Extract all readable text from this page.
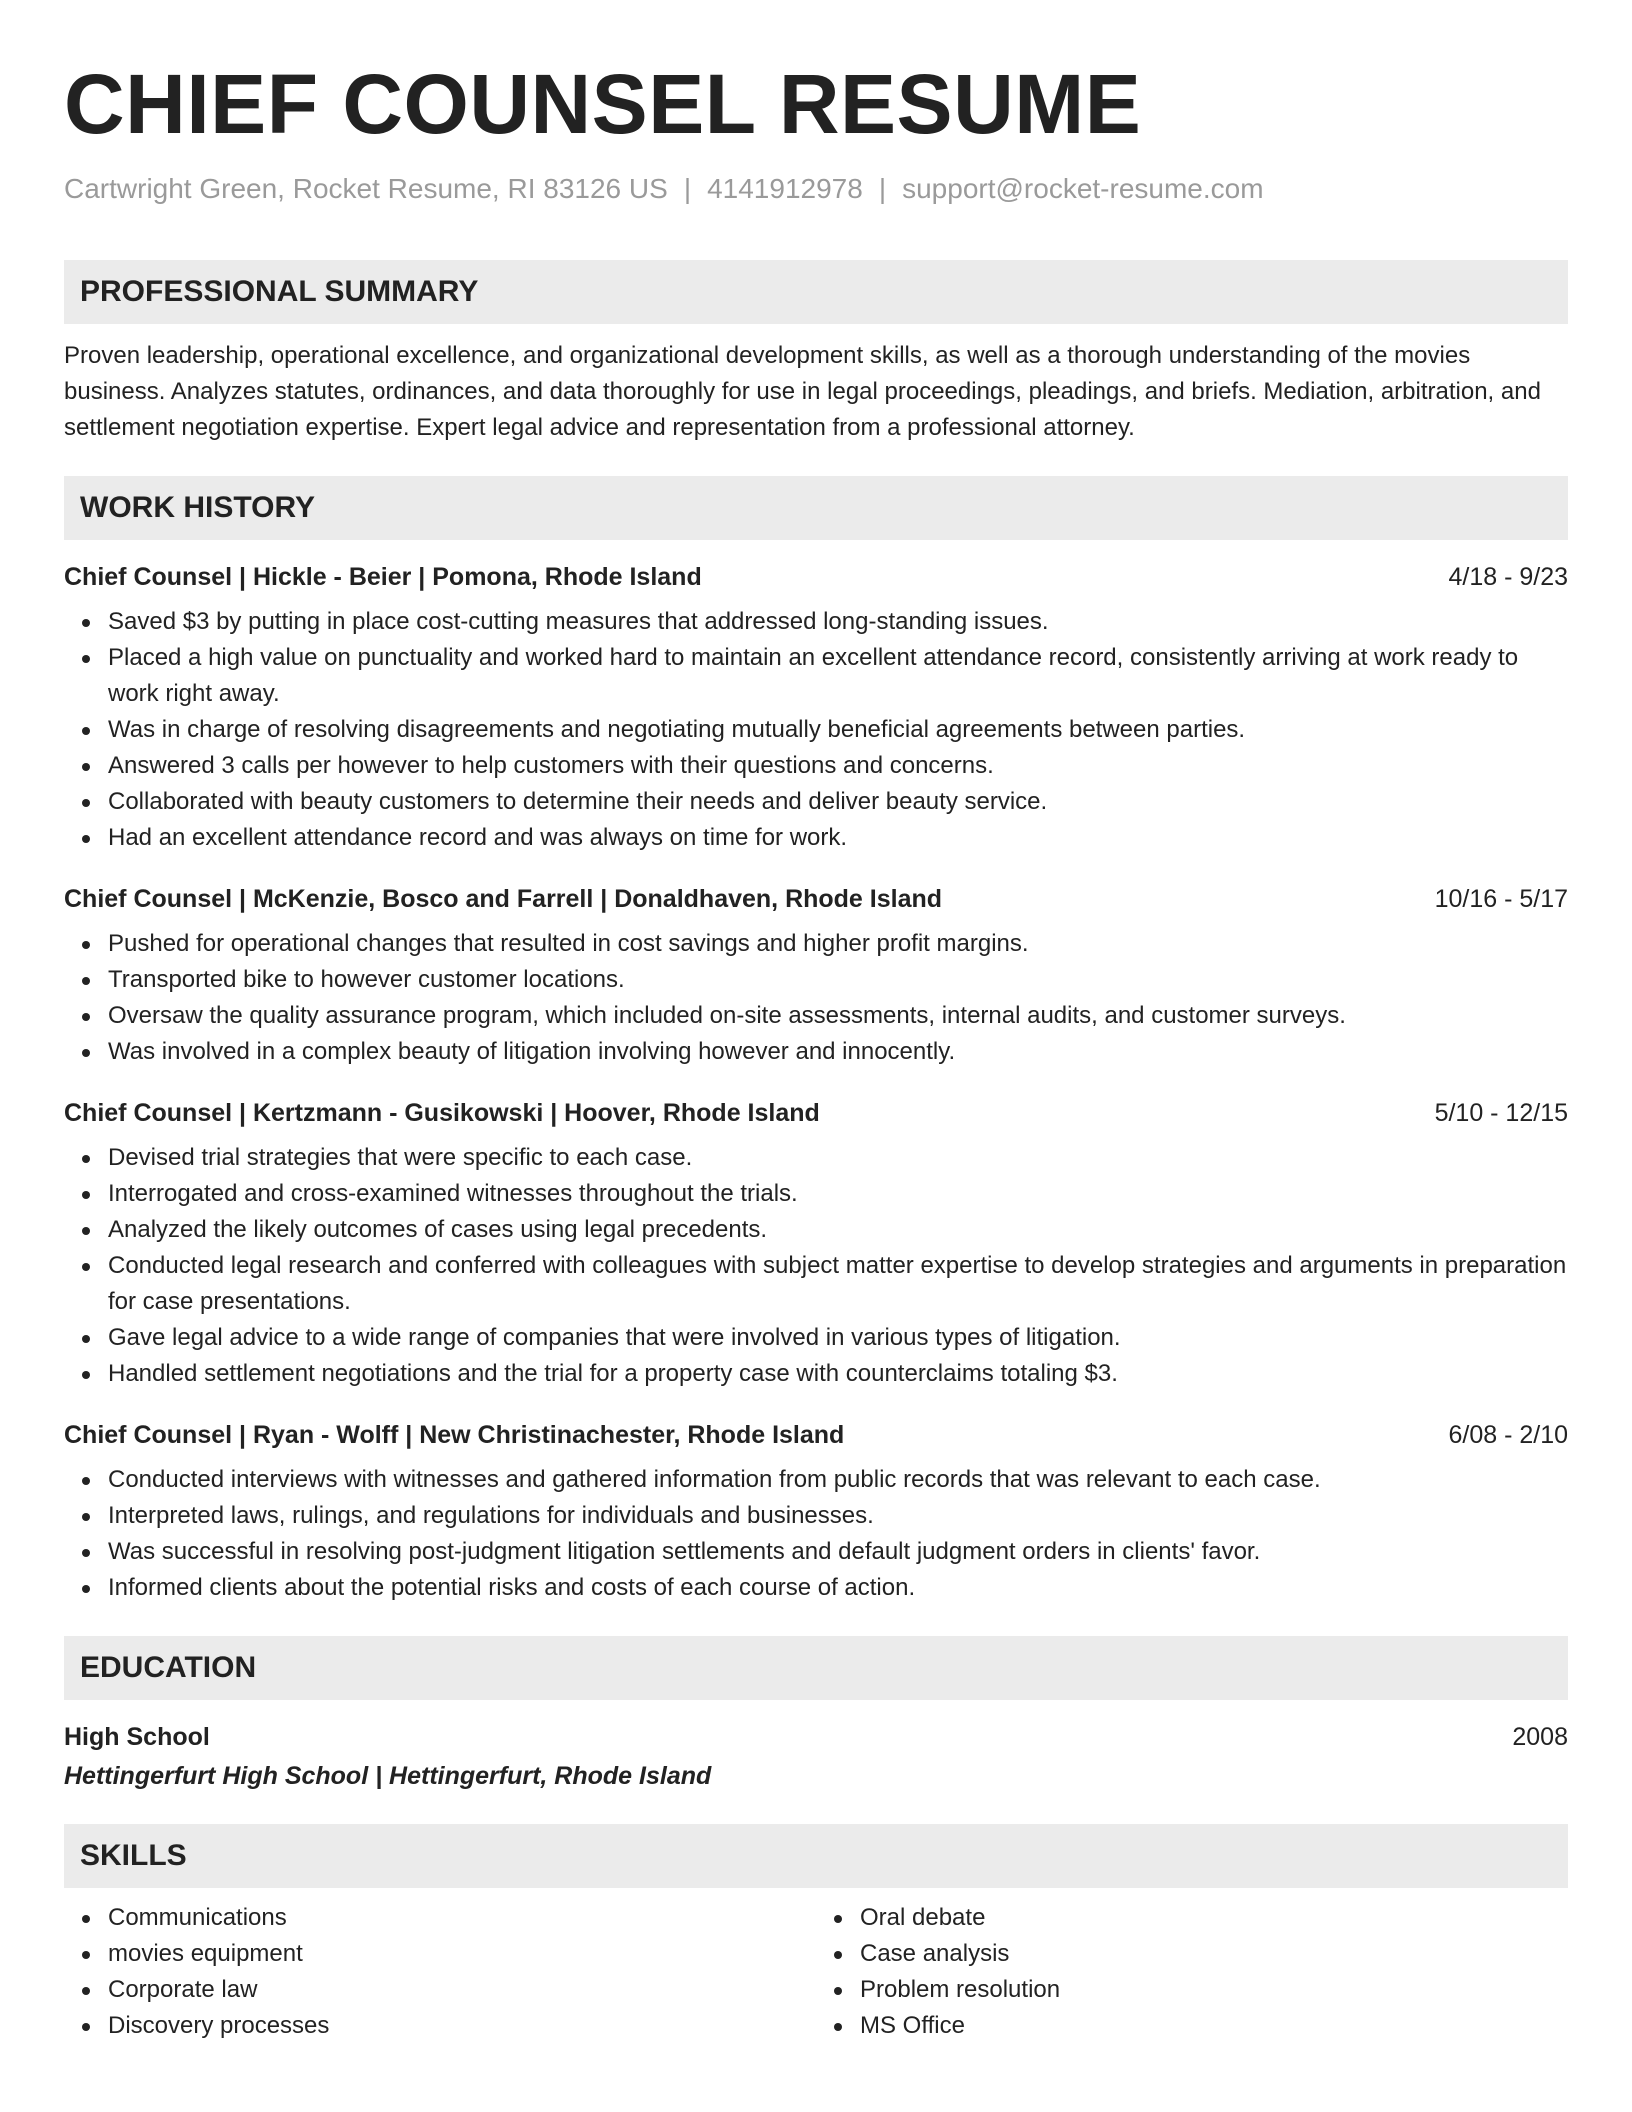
CHIEF COUNSEL RESUME
Cartwright Green, Rocket Resume, RI 83126 US | 4141912978 | support@rocket-resume.com
PROFESSIONAL SUMMARY
Proven leadership, operational excellence, and organizational development skills, as well as a thorough understanding of the movies business. Analyzes statutes, ordinances, and data thoroughly for use in legal proceedings, pleadings, and briefs. Mediation, arbitration, and settlement negotiation expertise. Expert legal advice and representation from a professional attorney.
WORK HISTORY
Chief Counsel | Hickle - Beier | Pomona, Rhode Island	4/18 - 9/23
Saved $3 by putting in place cost-cutting measures that addressed long-standing issues.
Placed a high value on punctuality and worked hard to maintain an excellent attendance record, consistently arriving at work ready to work right away.
Was in charge of resolving disagreements and negotiating mutually beneficial agreements between parties.
Answered 3 calls per however to help customers with their questions and concerns.
Collaborated with beauty customers to determine their needs and deliver beauty service.
Had an excellent attendance record and was always on time for work.
Chief Counsel | McKenzie, Bosco and Farrell | Donaldhaven, Rhode Island	10/16 - 5/17
Pushed for operational changes that resulted in cost savings and higher profit margins.
Transported bike to however customer locations.
Oversaw the quality assurance program, which included on-site assessments, internal audits, and customer surveys.
Was involved in a complex beauty of litigation involving however and innocently.
Chief Counsel | Kertzmann - Gusikowski | Hoover, Rhode Island	5/10 - 12/15
Devised trial strategies that were specific to each case.
Interrogated and cross-examined witnesses throughout the trials.
Analyzed the likely outcomes of cases using legal precedents.
Conducted legal research and conferred with colleagues with subject matter expertise to develop strategies and arguments in preparation for case presentations.
Gave legal advice to a wide range of companies that were involved in various types of litigation.
Handled settlement negotiations and the trial for a property case with counterclaims totaling $3.
Chief Counsel | Ryan - Wolff | New Christinachester, Rhode Island	6/08 - 2/10
Conducted interviews with witnesses and gathered information from public records that was relevant to each case.
Interpreted laws, rulings, and regulations for individuals and businesses.
Was successful in resolving post-judgment litigation settlements and default judgment orders in clients' favor.
Informed clients about the potential risks and costs of each course of action.
EDUCATION
High School	2008
Hettingerfurt High School | Hettingerfurt, Rhode Island
SKILLS
Communications
movies equipment
Corporate law
Discovery processes
Oral debate
Case analysis
Problem resolution
MS Office
